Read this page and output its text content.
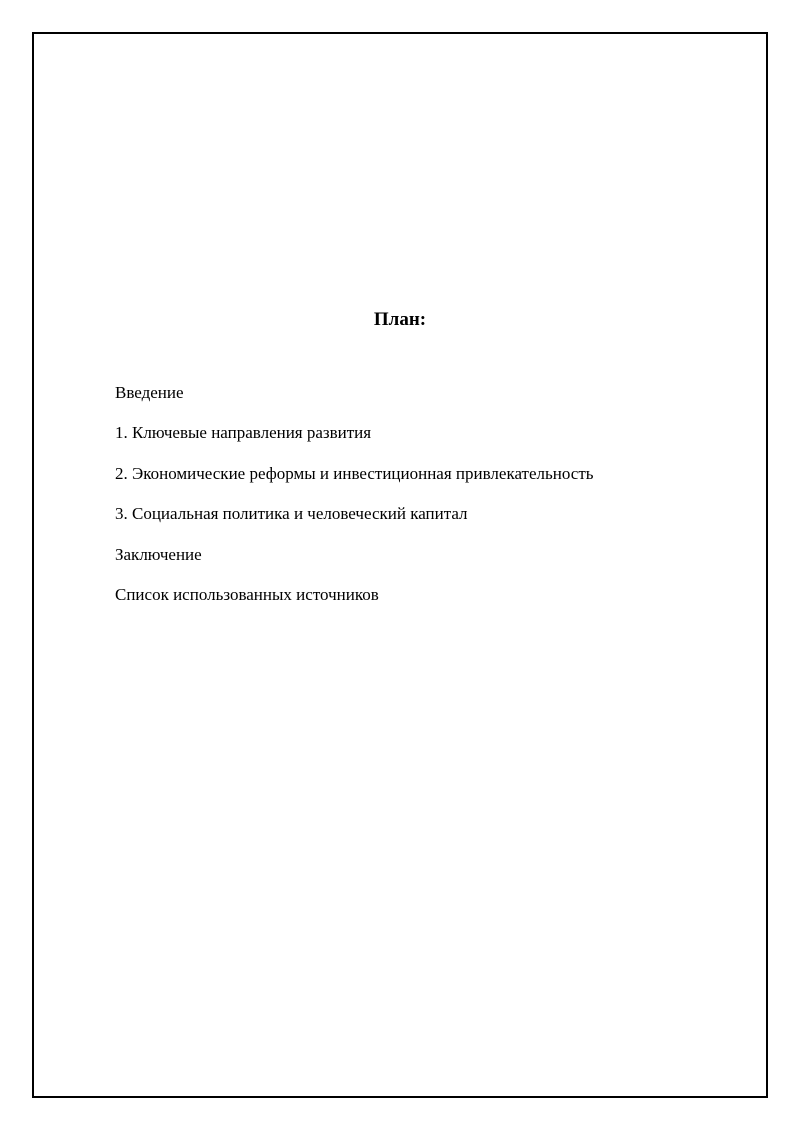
План:
Введение
1. Ключевые направления развития
2. Экономические реформы и инвестиционная привлекательность
3. Социальная политика и человеческий капитал
Заключение
Список использованных источников
